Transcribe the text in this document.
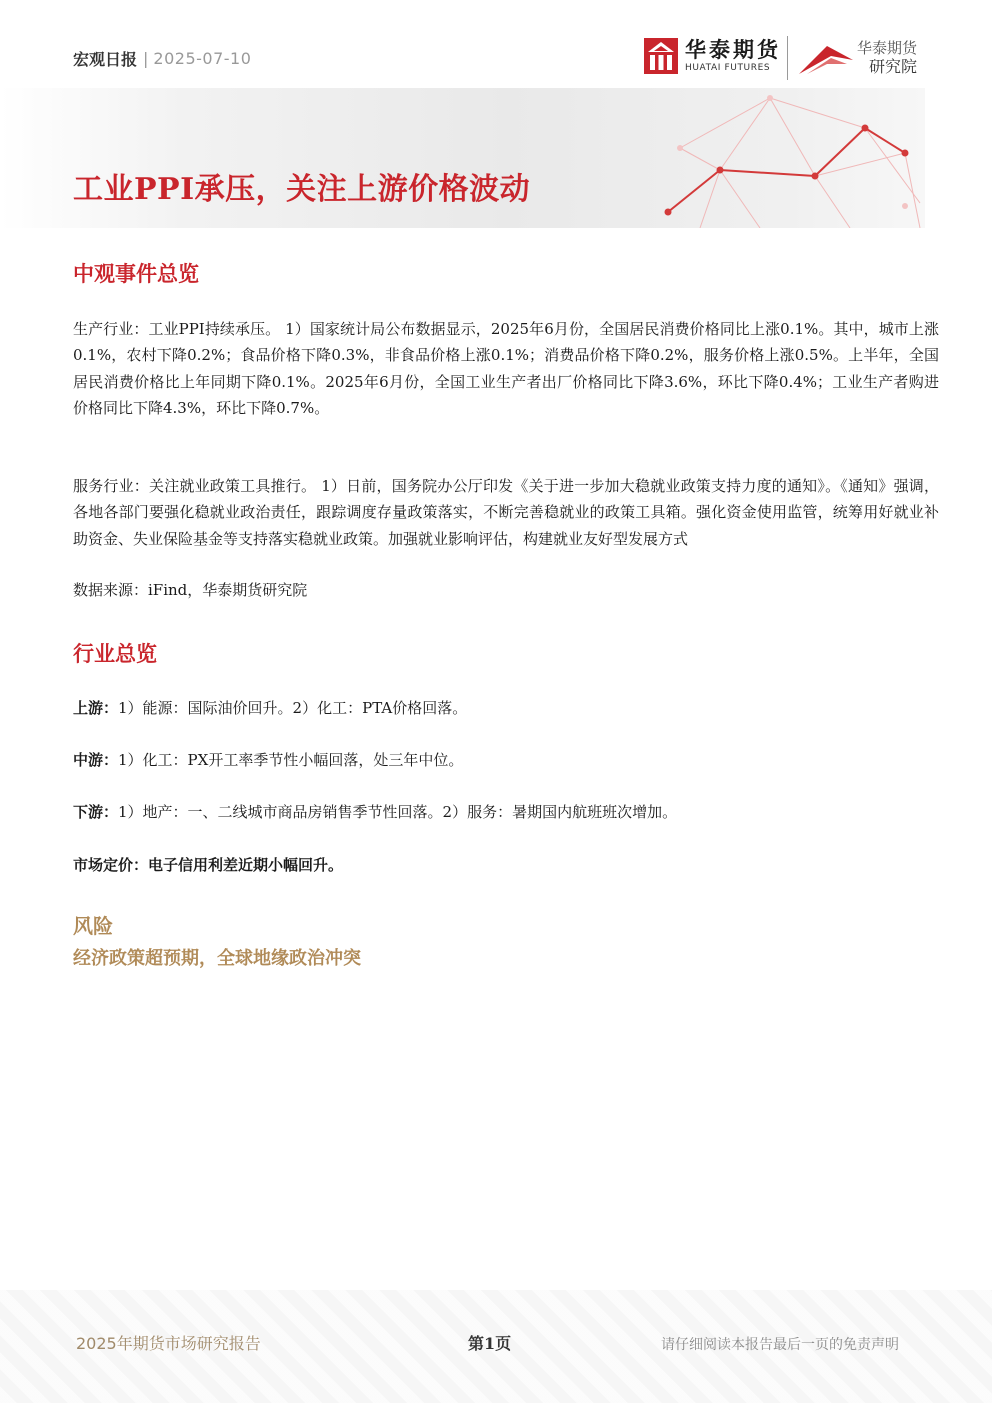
宏观日报 | 2025-07-10	华泰期货
HUATAI FUTURES
华泰期货
研究院
工业PPI承压，关注上游价格波动
中观事件总览
生产行业：工业PPI持续承压。 1）国家统计局公布数据显示，2025年6月份，全国居民消费价格同比上涨0.1%。其中，城市上涨0.1%，农村下降0.2%；食品价格下降0.3%，非食品价格上涨0.1%；消费品价格下降0.2%，服务价格上涨0.5%。上半年，全国居民消费价格比上年同期下降0.1%。2025年6月份，全国工业生产者出厂价格同比下降3.6%，环比下降0.4%；工业生产者购进价格同比下降4.3%，环比下降0.7%。
服务行业：关注就业政策工具推行。 1）日前，国务院办公厅印发《关于进一步加大稳就业政策支持力度的通知》。《通知》强调，各地各部门要强化稳就业政治责任，跟踪调度存量政策落实，不断完善稳就业的政策工具箱。强化资金使用监管，统筹用好就业补助资金、失业保险基金等支持落实稳就业政策。加强就业影响评估，构建就业友好型发展方式
数据来源：iFind，华泰期货研究院
行业总览
上游：1）能源：国际油价回升。2）化工：PTA价格回落。
中游：1）化工：PX开工率季节性小幅回落，处三年中位。
下游：1）地产：一、二线城市商品房销售季节性回落。2）服务：暑期国内航班班次增加。
市场定价：电子信用利差近期小幅回升。
风险
经济政策超预期，全球地缘政治冲突
2025年期货市场研究报告	第1页	请仔细阅读本报告最后一页的免责声明
